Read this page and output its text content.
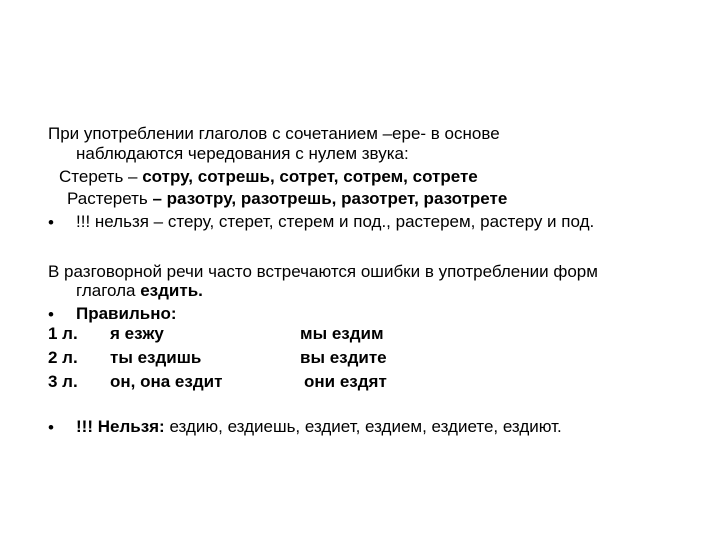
При употреблении глаголов с сочетанием –ере- в основе
наблюдаются чередования с нулем звука:
Стереть – сотру, сотрешь, сотрет, сотрем, сотрете
Растереть – разотру, разотрешь, разотрет, разотрете
• !!! нельзя – стеру, стерет, стерем и под., растерем, растеру и под.
В разговорной речи часто встречаются ошибки в употреблении форм
глагола ездить.
• Правильно:
1 л. я езжу	мы ездим
2 л. ты ездишь	вы ездите
3 л. он, она ездит	они ездят
• !!! Нельзя: ездию, ездиешь, ездиет, ездием, ездиете, ездиют.
